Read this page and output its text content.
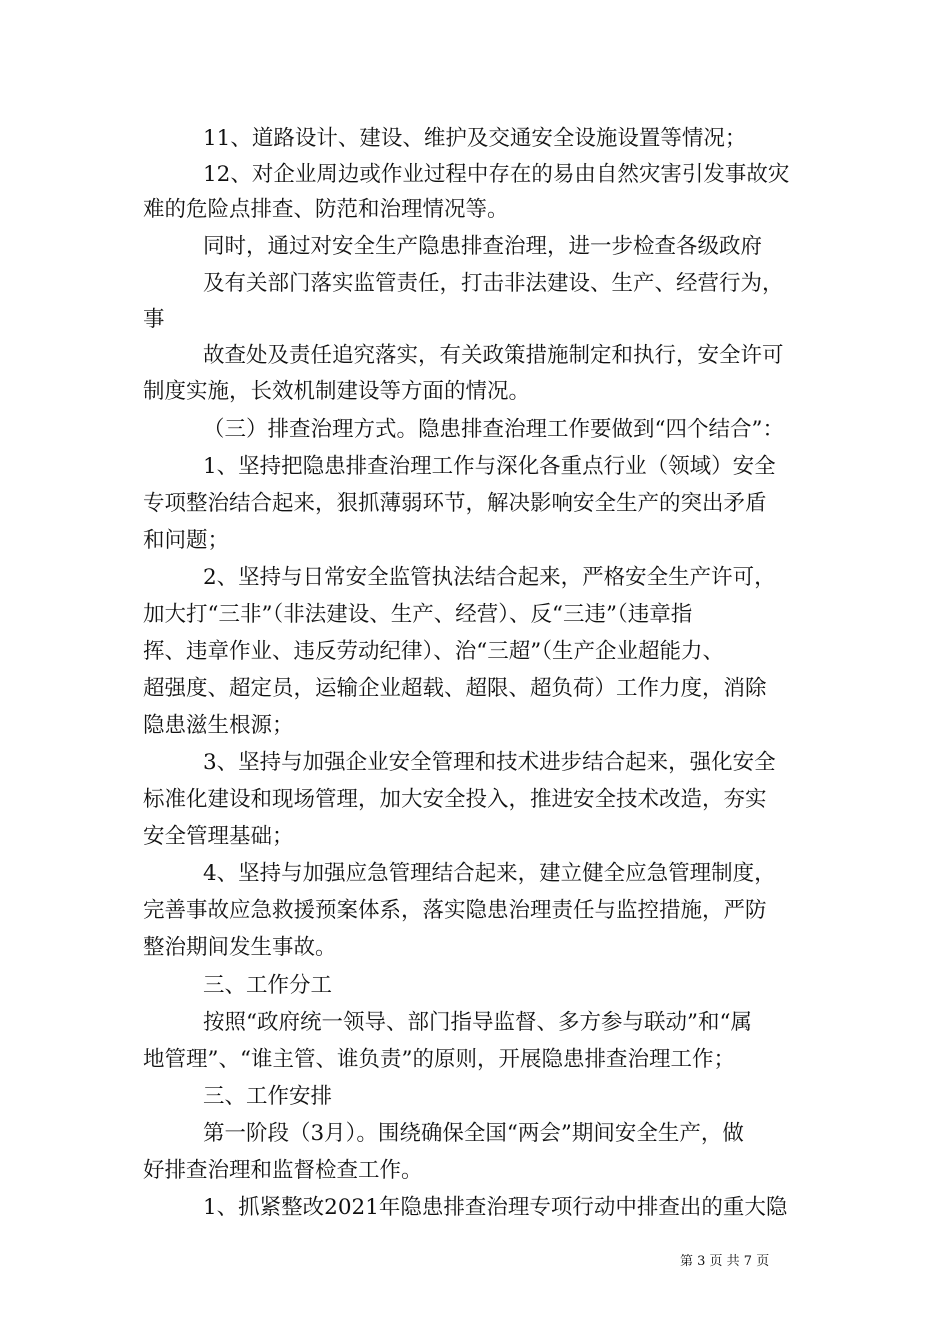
11、道路设计、建设、维护及交通安全设施设置等情况；
12、对企业周边或作业过程中存在的易由自然灾害引发事故灾
难的危险点排查、防范和治理情况等。
同时，通过对安全生产隐患排查治理，进一步检查各级政府
及有关部门落实监管责任，打击非法建设、生产、经营行为，
事
故查处及责任追究落实，有关政策措施制定和执行，安全许可
制度实施，长效机制建设等方面的情况。
（三）排查治理方式。隐患排查治理工作要做到“四个结合”：
1、坚持把隐患排查治理工作与深化各重点行业（领域）安全
专项整治结合起来，狠抓薄弱环节，解决影响安全生产的突出矛盾
和问题；
2、坚持与日常安全监管执法结合起来，严格安全生产许可，
加大打“三非”（非法建设、生产、经营）、反“三违”（违章指
挥、违章作业、违反劳动纪律）、治“三超”（生产企业超能力、
超强度、超定员，运输企业超载、超限、超负荷）工作力度，消除
隐患滋生根源；
3、坚持与加强企业安全管理和技术进步结合起来，强化安全
标准化建设和现场管理，加大安全投入，推进安全技术改造，夯实
安全管理基础；
4、坚持与加强应急管理结合起来，建立健全应急管理制度，
完善事故应急救援预案体系，落实隐患治理责任与监控措施，严防
整治期间发生事故。
三、工作分工
按照“政府统一领导、部门指导监督、多方参与联动”和“属
地管理”、“谁主管、谁负责”的原则，开展隐患排查治理工作；
三、工作安排
第一阶段（3月）。围绕确保全国“两会”期间安全生产，做
好排查治理和监督检查工作。
1、抓紧整改2021年隐患排查治理专项行动中排查出的重大隐
第 3 页 共 7 页
